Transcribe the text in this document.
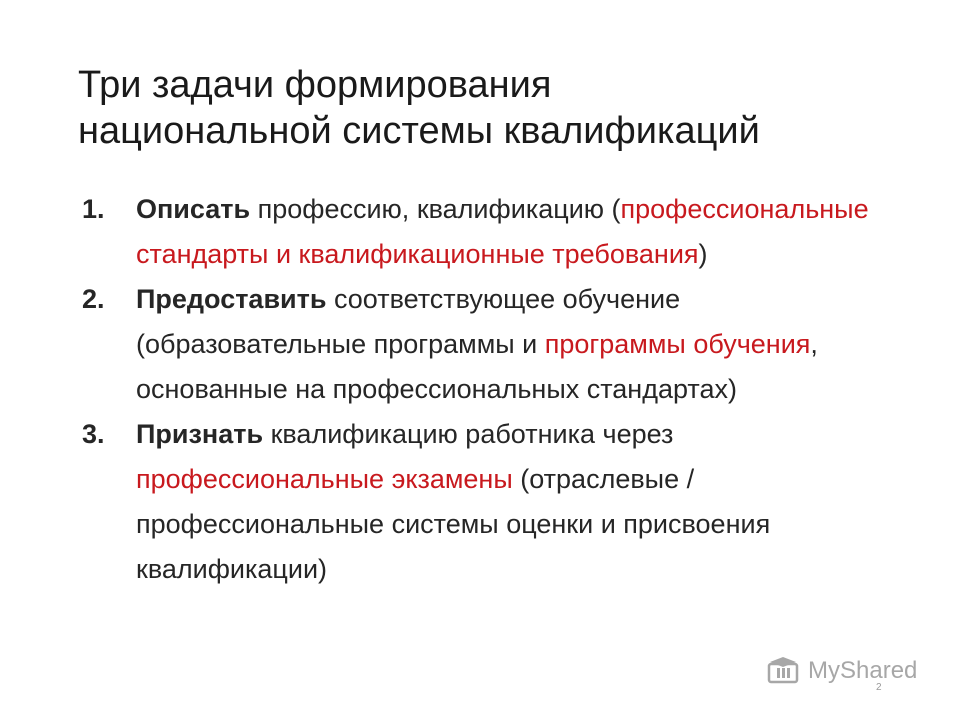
Три задачи формирования
национальной системы квалификаций
1.	Описать профессию, квалификацию (профессиональные стандарты и квалификационные требования)
2.	Предоставить соответствующее обучение (образовательные программы и программы обучения, основанные на профессиональных стандартах)
3.	Признать квалификацию работника через профессиональные экзамены (отраслевые / профессиональные системы оценки и присвоения квалификации)
MyShared
2
